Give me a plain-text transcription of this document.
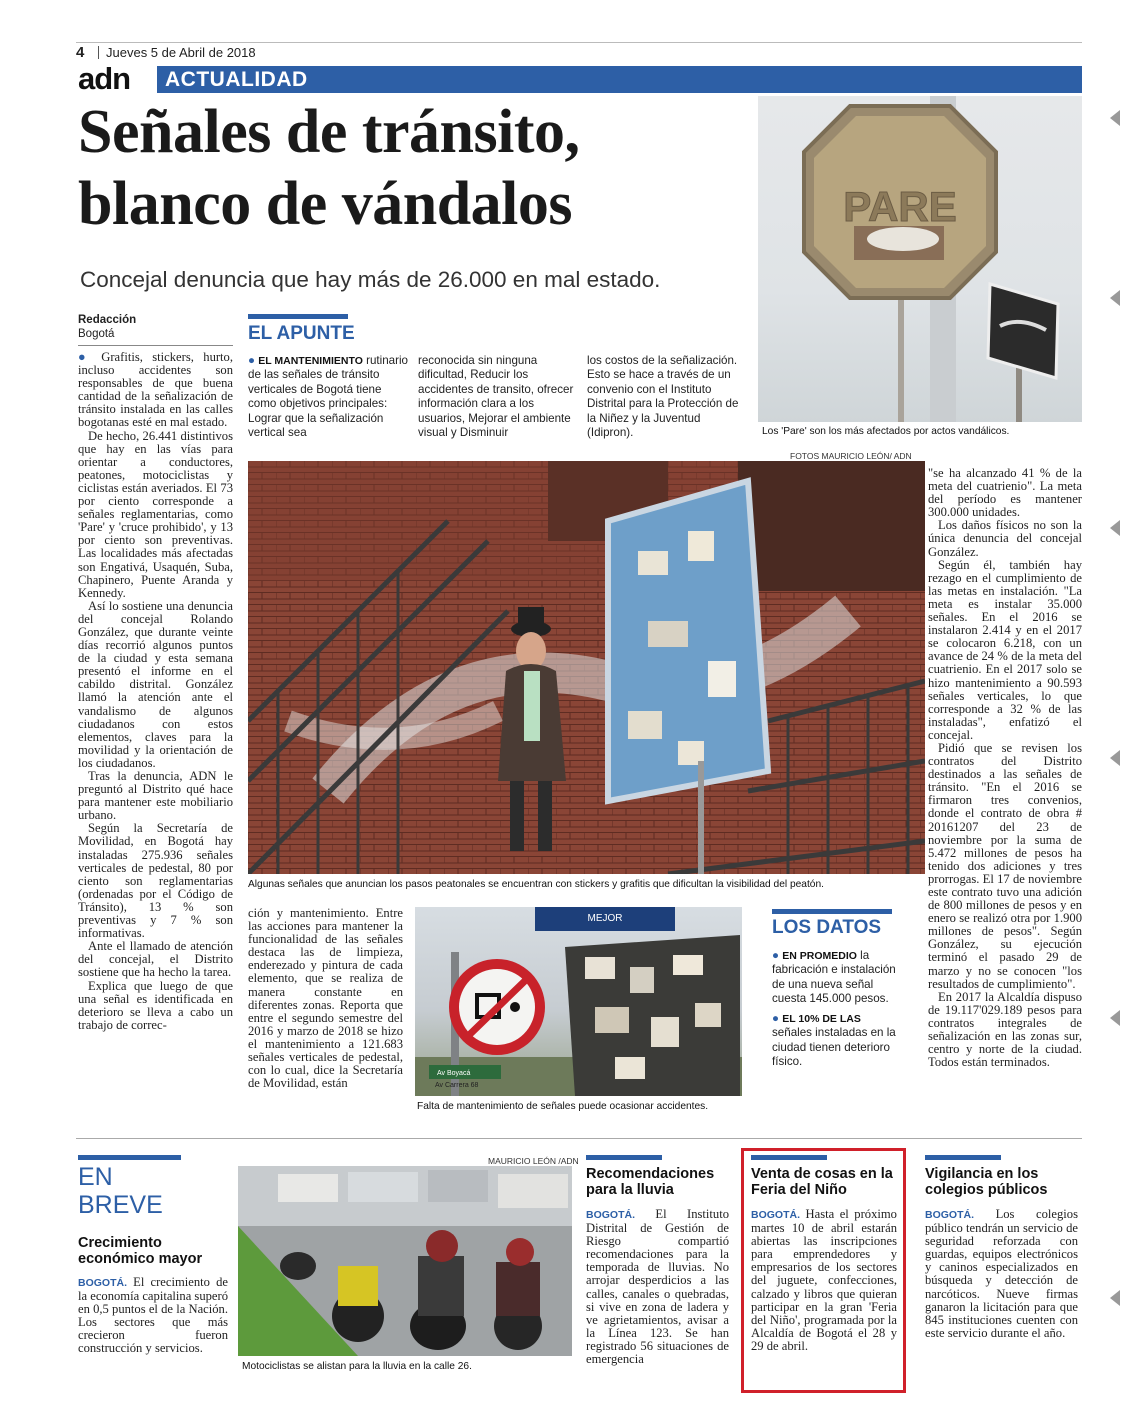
4 Jueves 5 de Abril de 2018
adn ACTUALIDAD
Señales de tránsito,
blanco de vándalos
Concejal denuncia que hay más de 26.000 en mal estado.
PARE
Los 'Pare' son los más afectados por actos vandálicos.
Redacción
Bogotá

● Grafitis, stickers, hurto, incluso accidentes son responsables de que buena cantidad de la señalización de tránsito instalada en las calles bogotanas esté en mal estado.

De hecho, 26.441 distintivos que hay en las vías para orientar a conductores, peatones, motociclistas y ciclistas están averiados. El 73 por ciento corresponde a señales reglamentarias, como 'Pare' y 'cruce prohibido', y 13 por ciento son preventivas. Las localidades más afectadas son Engativá, Usaquén, Suba, Chapinero, Puente Aranda y Kennedy.

Así lo sostiene una denuncia del concejal Rolando González, que durante veinte días recorrió algunos puntos de la ciudad y esta semana presentó el informe en el cabildo distrital. González llamó la atención ante el vandalismo de algunos ciudadanos con estos elementos, claves para la movilidad y la orientación de los ciudadanos.

Tras la denuncia, ADN le preguntó al Distrito qué hace para mantener este mobiliario urbano.

Según la Secretaría de Movilidad, en Bogotá hay instaladas 275.936 señales verticales de pedestal, 80 por ciento son reglamentarias (ordenadas por el Código de Tránsito), 13 % son preventivas y 7 % son informativas.

Ante el llamado de atención del concejal, el Distrito sostiene que ha hecho la tarea.

Explica que luego de que una señal es identificada en deterioro se lleva a cabo un trabajo de correc-

EL APUNTE
● EL MANTENIMIENTO rutinario de las señales de tránsito verticales de Bogotá tiene como objetivos principales: Lograr que la señalización vertical sea
reconocida sin ninguna dificultad, Reducir los accidentes de transito, ofrecer información clara a los usuarios, Mejorar el ambiente visual y Disminuir
los costos de la señalización. Esto se hace a través de un convenio con el Instituto Distrital para la Protección de la Niñez y la Juventud (Idipron).
FOTOS MAURICIO LEÓN/ ADN
Algunas señales que anuncian los pasos peatonales se encuentran con stickers y grafitis que dificultan la visibilidad del peatón.

ción y mantenimiento. Entre las acciones para mantener la funcionalidad de las señales destaca las de limpieza, enderezado y pintura de cada elemento, que se realiza de manera constante en diferentes zonas. Reporta que entre el segundo semestre del 2016 y marzo de 2018 se hizo el mantenimiento a 121.683 señales verticales de pedestal, con lo cual, dice la Secretaría de Movilidad, están

MEJOR
Av Boyacá
Av Carrera 68
Falta de mantenimiento de señales puede ocasionar accidentes.
LOS DATOS
● EN PROMEDIO la fabricación e instalación de una nueva señal cuesta 145.000 pesos.
● EL 10% DE LAS señales instaladas en la ciudad tienen deterioro físico.

"se ha alcanzado 41 % de la meta del cuatrienio". La meta del período es mantener 300.000 unidades.

Los daños físicos no son la única denuncia del concejal González.

Según él, también hay rezago en el cumplimiento de las metas en instalación. "La meta es instalar 35.000 señales. En el 2016 se instalaron 2.414 y en el 2017 se colocaron 6.218, con un avance de 24 % de la meta del cuatrienio. En el 2017 solo se hizo mantenimiento a 90.593 señales verticales, lo que corresponde a 32 % de las instaladas", enfatizó el concejal.

Pidió que se revisen los contratos del Distrito destinados a las señales de tránsito. "En el 2016 se firmaron tres convenios, donde el contrato de obra # 20161207 del 23 de noviembre por la suma de 5.472 millones de pesos ha tenido dos adiciones y tres prorrogas. El 17 de noviembre este contrato tuvo una adición de 800 millones de pesos y en enero se realizó otra por 1.900 millones de pesos". Según González, su ejecución terminó el pasado 29 de marzo y no se conocen "los resultados de cumplimiento".

En 2017 la Alcaldía dispuso de 19.117'029.189 pesos para contratos integrales de señalización en las zonas sur, centro y norte de la ciudad. Todos están terminados.

EN
BREVE
Crecimiento económico mayor
BOGOTÁ. El crecimiento de la economía capitalina superó en 0,5 puntos el de la Nación. Los sectores que más crecieron fueron construcción y servicios.
MAURICIO LEÓN /ADN
Motociclistas se alistan para la lluvia en la calle 26.
Recomendaciones para la lluvia
BOGOTÁ. El Instituto Distrital de Gestión de Riesgo compartió recomendaciones para la temporada de lluvias. No arrojar desperdicios a las calles, canales o quebradas, si vive en zona de ladera y ve agrietamientos, avisar a la Línea 123. Se han registrado 56 situaciones de emergencia
Venta de cosas en la Feria del Niño
BOGOTÁ. Hasta el próximo martes 10 de abril estarán abiertas las inscripciones para emprendedores y empresarios de los sectores del juguete, confecciones, calzado y libros que quieran participar en la gran 'Feria del Niño', programada por la Alcaldía de Bogotá el 28 y 29 de abril.
Vigilancia en los colegios públicos
BOGOTÁ. Los colegios público tendrán un servicio de seguridad reforzada con guardas, equipos electrónicos y caninos especializados en búsqueda y detección de narcóticos. Nueve firmas ganaron la licitación para que 845 instituciones cuenten con este servicio durante el año.
